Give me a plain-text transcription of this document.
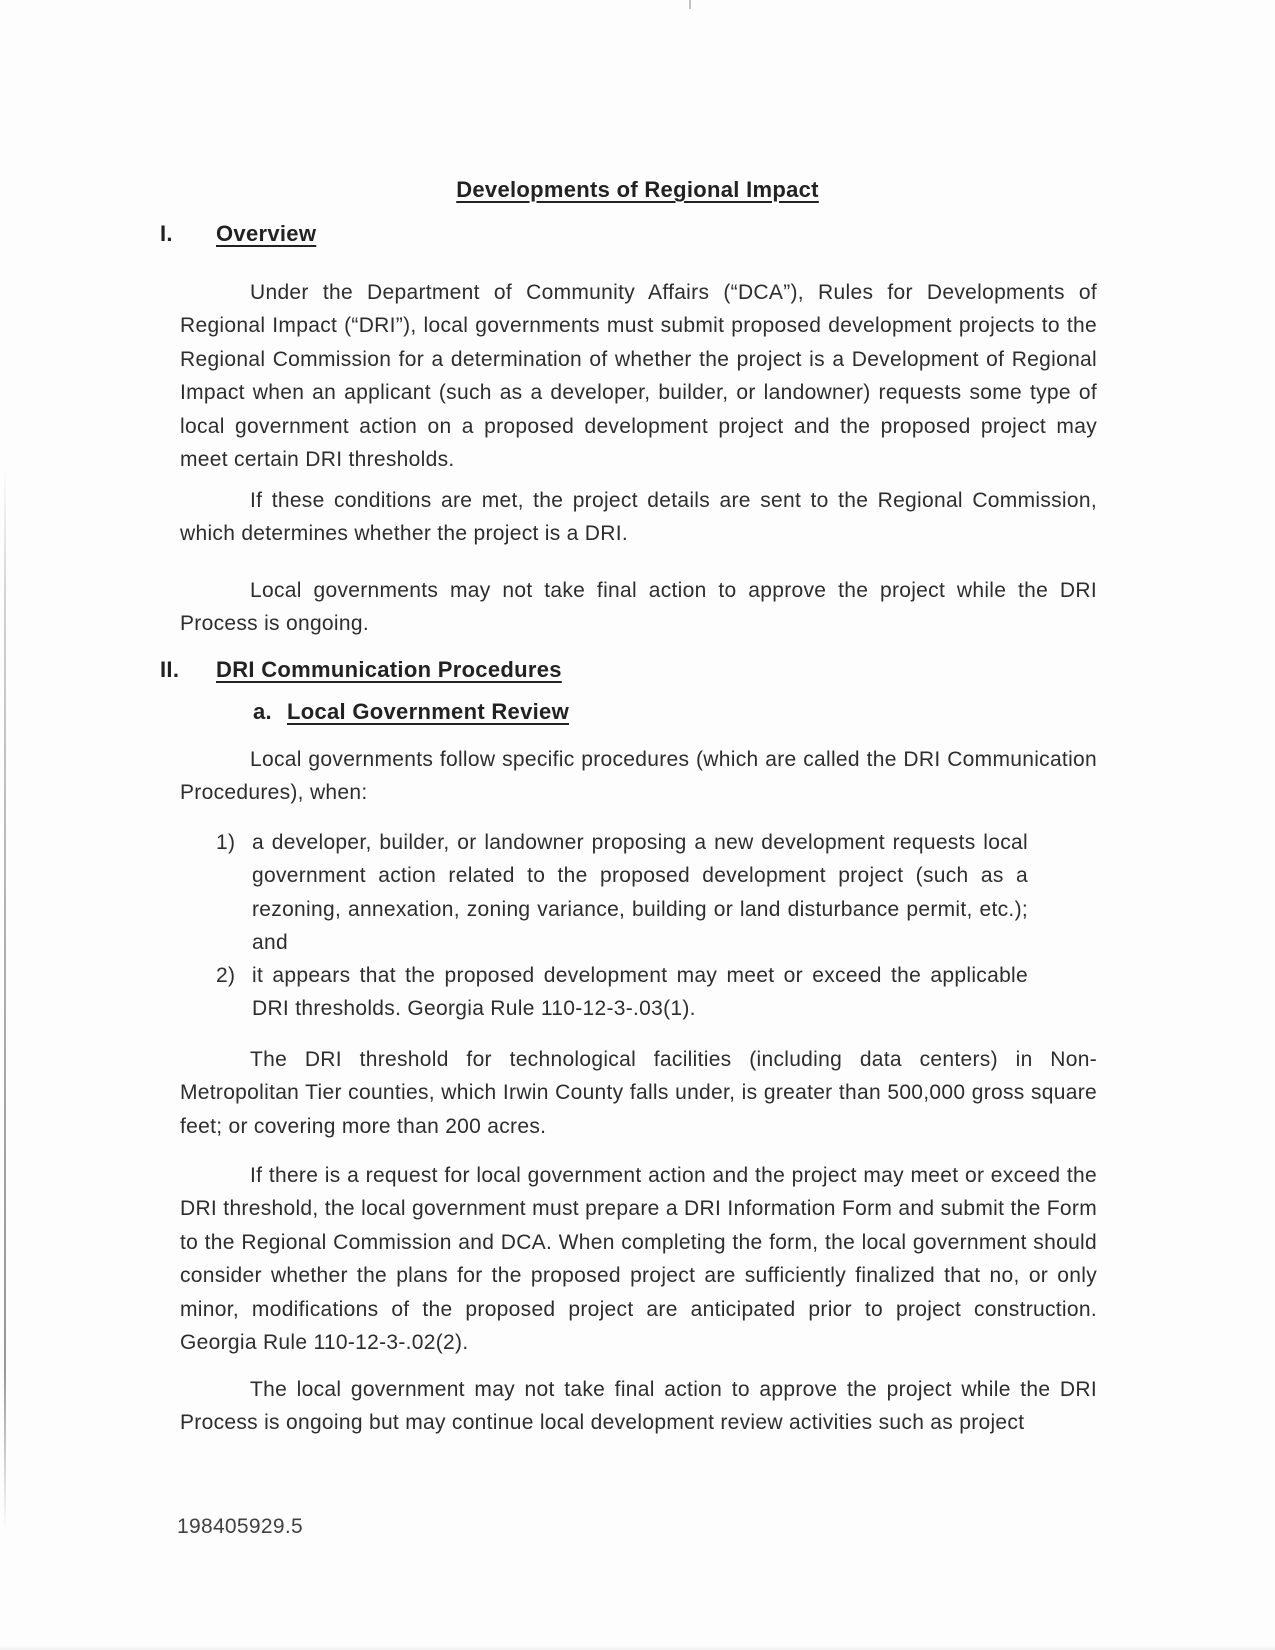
Developments of Regional Impact
I. Overview

Under the Department of Community Affairs (“DCA”), Rules for Developments of Regional Impact (“DRI”), local governments must submit proposed development projects to the Regional Commission for a determination of whether the project is a Development of Regional Impact when an applicant (such as a developer, builder, or landowner) requests some type of local government action on a proposed development project and the proposed project may meet certain DRI thresholds.

If these conditions are met, the project details are sent to the Regional Commission, which determines whether the project is a DRI.

Local governments may not take final action to approve the project while the DRI Process is ongoing.

II. DRI Communication Procedures
a. Local Government Review

Local governments follow specific procedures (which are called the DRI Communication Procedures), when:

1) a developer, builder, or landowner proposing a new development requests local government action related to the proposed development project (such as a rezoning, annexation, zoning variance, building or land disturbance permit, etc.); and

2) it appears that the proposed development may meet or exceed the applicable DRI thresholds. Georgia Rule 110-12-3-.03(1).

The DRI threshold for technological facilities (including data centers) in Non-Metropolitan Tier counties, which Irwin County falls under, is greater than 500,000 gross square feet; or covering more than 200 acres.

If there is a request for local government action and the project may meet or exceed the DRI threshold, the local government must prepare a DRI Information Form and submit the Form to the Regional Commission and DCA. When completing the form, the local government should consider whether the plans for the proposed project are sufficiently finalized that no, or only minor, modifications of the proposed project are anticipated prior to project construction. Georgia Rule 110-12-3-.02(2).

The local government may not take final action to approve the project while the DRI Process is ongoing but may continue local development review activities such as project

198405929.5
